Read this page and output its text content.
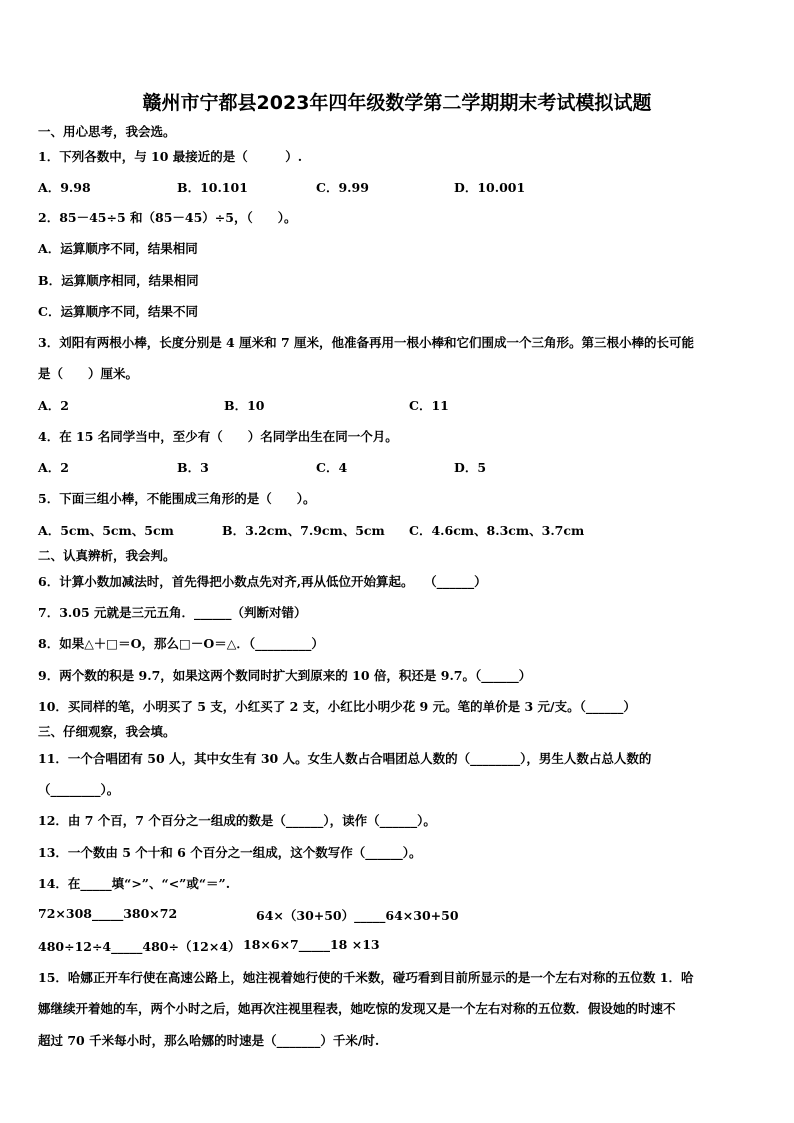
赣州市宁都县2023年四年级数学第二学期期末考试模拟试题
一、用心思考，我会选。
1．下列各数中，与 10 最接近的是（　　　）.
A．9.98	B．10.101	C．9.99	D．10.001
2．85－45÷5 和（85－45）÷5，（　　）。
A．运算顺序不同，结果相同
B．运算顺序相同，结果相同
C．运算顺序不同，结果不同
3．刘阳有两根小棒，长度分别是 4 厘米和 7 厘米，他准备再用一根小棒和它们围成一个三角形。第三根小棒的长可能
是（　　）厘米。
A．2	B．10	C．11
4．在 15 名同学当中，至少有（　　）名同学出生在同一个月。
A．2	B．3	C．4	D．5
5．下面三组小棒，不能围成三角形的是（　　）。
A．5cm、5cm、5cm	B．3.2cm、7.9cm、5cm C．4.6cm、8.3cm、3.7cm
二、认真辨析，我会判。
6．计算小数加减法时，首先得把小数点先对齐,再从低位开始算起。　 （______）
7．3.05 元就是三元五角．______（判断对错）
8．如果△＋□＝O，那么□－O＝△．（_________）
9．两个数的积是 9.7，如果这两个数同时扩大到原来的 10 倍，积还是 9.7。（______）
10．买同样的笔，小明买了 5 支，小红买了 2 支，小红比小明少花 9 元。笔的单价是 3 元/支。（______）
三、仔细观察，我会填。
11．一个合唱团有 50 人，其中女生有 30 人。女生人数占合唱团总人数的（________），男生人数占总人数的
（________）。
12．由 7 个百，7 个百分之一组成的数是（______），读作（______）。
13．一个数由 5 个十和 6 个百分之一组成，这个数写作（______）。
14．在_____填“>”、“<”或“＝”.
72×308_____380×72	64×（30+50）_____64×30+50
480÷12÷4_____480÷（12×4） 18×6×7_____18 ×13
15．哈娜正开车行使在高速公路上，她注视着她行使的千米数，碰巧看到目前所显示的是一个左右对称的五位数 1．哈
娜继续开着她的车，两个小时之后，她再次注视里程表，她吃惊的发现又是一个左右对称的五位数．假设她的时速不
超过 70 千米每小时，那么哈娜的时速是（_______）千米/时.
